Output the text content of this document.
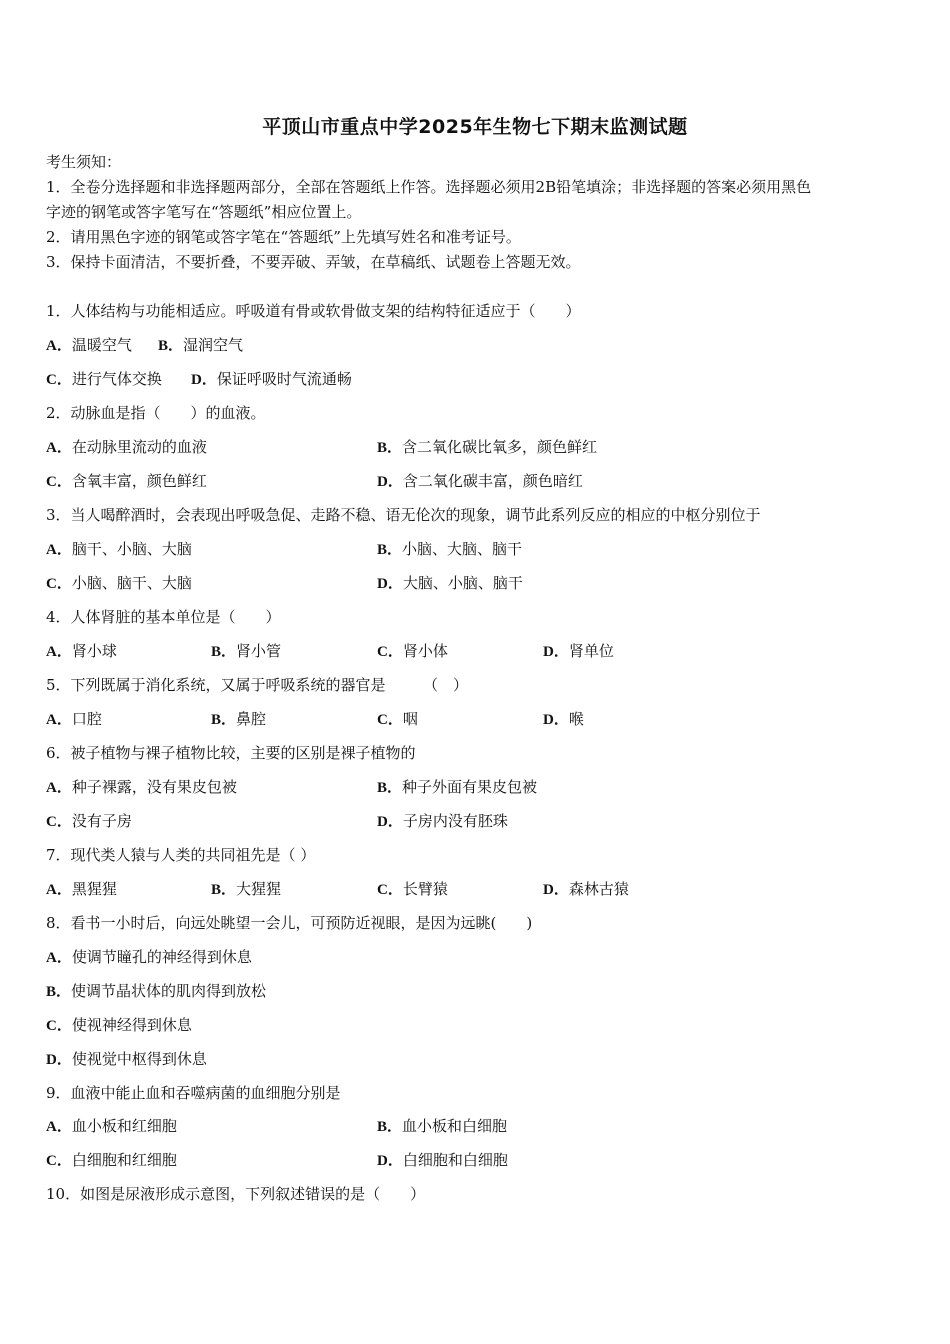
平顶山市重点中学2025年生物七下期末监测试题
考生须知：
1．全卷分选择题和非选择题两部分，全部在答题纸上作答。选择题必须用2B铅笔填涂；非选择题的答案必须用黑色
字迹的钢笔或答字笔写在“答题纸”相应位置上。
2．请用黑色字迹的钢笔或答字笔在“答题纸”上先填写姓名和准考证号。
3．保持卡面清洁，不要折叠，不要弄破、弄皱，在草稿纸、试题卷上答题无效。
1．人体结构与功能相适应。呼吸道有骨或软骨做支架的结构特征适应于（　　）
A．温暖空气 B．湿润空气
C．进行气体交换 D．保证呼吸时气流通畅
2．动脉血是指（　　）的血液。
A．在动脉里流动的血液	B．含二氧化碳比氧多，颜色鲜红
C．含氧丰富，颜色鲜红	D．含二氧化碳丰富，颜色暗红
3．当人喝醉酒时，会表现出呼吸急促、走路不稳、语无伦次的现象，调节此系列反应的相应的中枢分别位于
A．脑干、小脑、大脑	B．小脑、大脑、脑干
C．小脑、脑干、大脑	D．大脑、小脑、脑干
4．人体肾脏的基本单位是（　　）
A．肾小球	B．肾小管	C．肾小体	D．肾单位
5．下列既属于消化系统，又属于呼吸系统的器官是　　　（　）
A．口腔	B．鼻腔	C．咽	D．喉
6．被子植物与裸子植物比较，主要的区别是裸子植物的
A．种子裸露，没有果皮包被	B．种子外面有果皮包被
C．没有子房	D．子房内没有胚珠
7．现代类人猿与人类的共同祖先是（ ）
A．黑猩猩	B．大猩猩	C．长臂猿	D．森林古猿
8．看书一小时后，向远处眺望一会儿，可预防近视眼，是因为远眺(　　)
A．使调节瞳孔的神经得到休息
B．使调节晶状体的肌肉得到放松
C．使视神经得到休息
D．使视觉中枢得到休息
9．血液中能止血和吞噬病菌的血细胞分别是
A．血小板和红细胞	B．血小板和白细胞
C．白细胞和红细胞	D．白细胞和白细胞
10．如图是尿液形成示意图，下列叙述错误的是（　　）
